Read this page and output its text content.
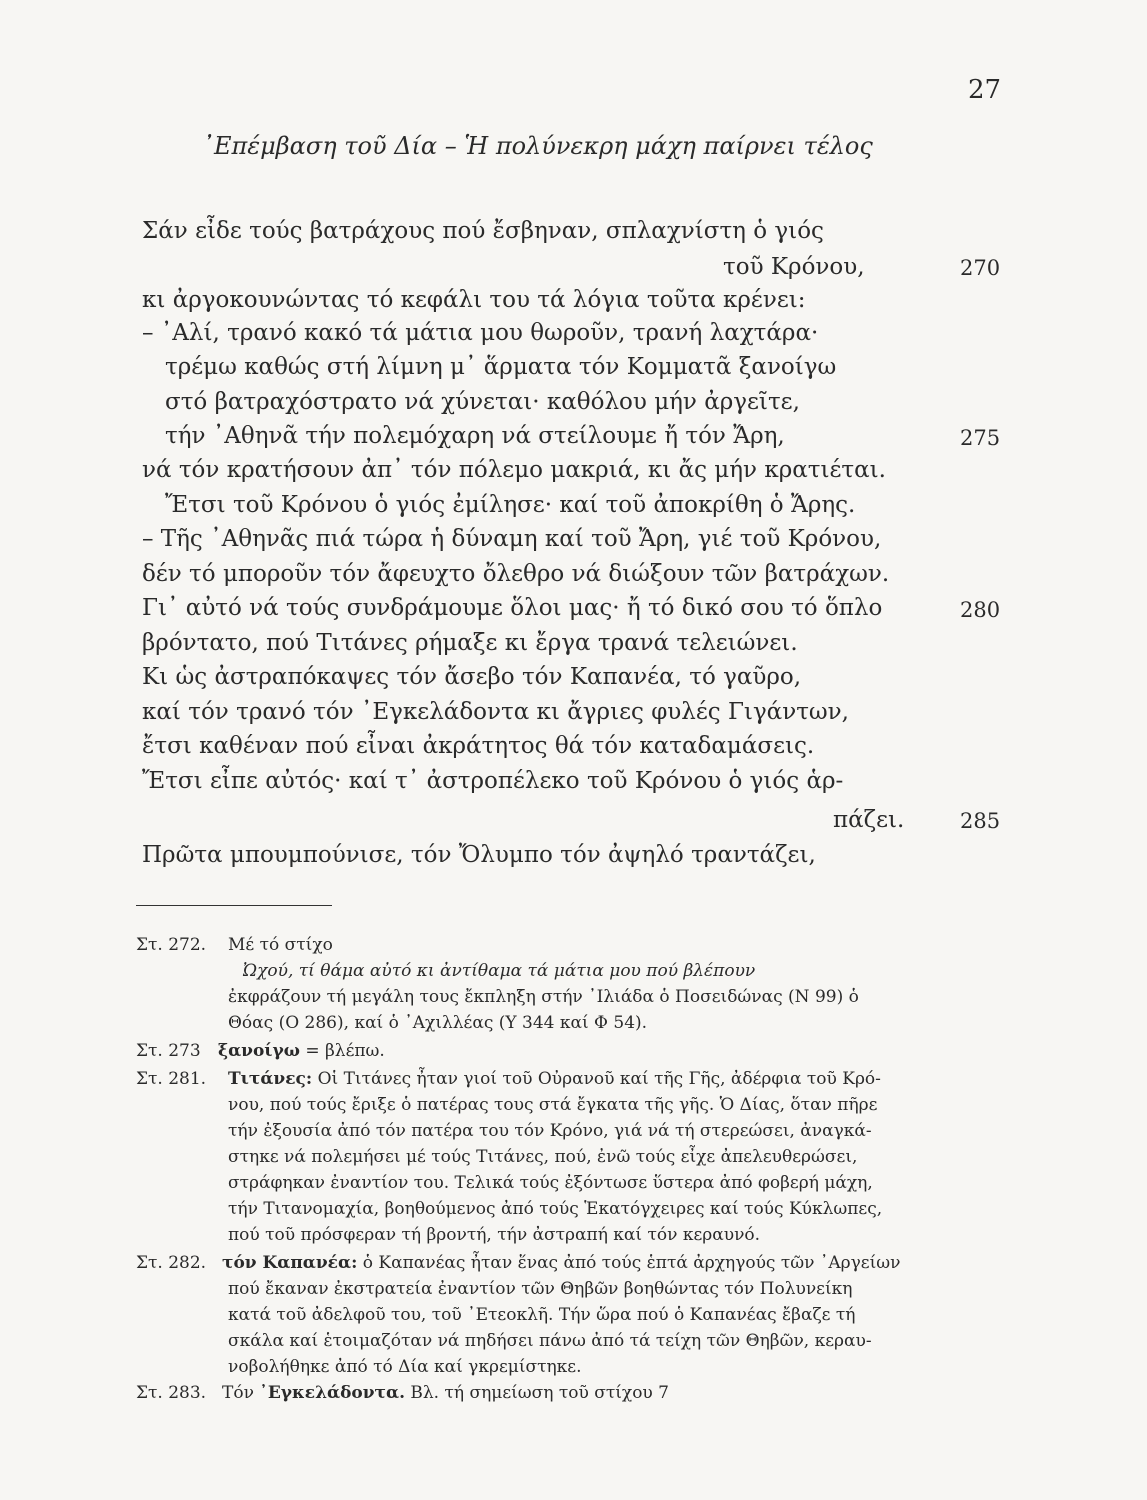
27
᾿Επέμβαση τοῦ Δία – Ἡ πολύνεκρη μάχη παίρνει τέλος
Σάν εἶδε τούς βατράχους πού ἔσβηναν, σπλαχνίστη ὁ γιός
τοῦ Κρόνου,
κι ἀργοκουνώντας τό κεφάλι του τά λόγια τοῦτα κρένει:
– ᾿Αλί, τρανό κακό τά μάτια μου θωροῦν, τρανή λαχτάρα·
τρέμω καθώς στή λίμνη μ᾿ ἅρματα τόν Κομματᾶ ξανοίγω
στό βατραχόστρατο νά χύνεται· καθόλου μήν ἀργεῖτε,
τήν ᾿Αθηνᾶ τήν πολεμόχαρη νά στείλουμε ἤ τόν Ἄρη,
νά τόν κρατήσουν ἀπ᾿ τόν πόλεμο μακριά, κι ἄς μήν κρατιέται.
Ἔτσι τοῦ Κρόνου ὁ γιός ἐμίλησε· καί τοῦ ἀποκρίθη ὁ Ἄρης.
– Τῆς ᾿Αθηνᾶς πιά τώρα ἡ δύναμη καί τοῦ Ἄρη, γιέ τοῦ Κρόνου,
δέν τό μποροῦν τόν ἄφευχτο ὄλεθρο νά διώξουν τῶν βατράχων.
Γι᾿ αὐτό νά τούς συνδράμουμε ὅλοι μας· ἤ τό δικό σου τό ὅπλο
βρόντατο, πού Τιτάνες ρήμαξε κι ἔργα τρανά τελειώνει.
Κι ὡς ἀστραπόκαψες τόν ἄσεβο τόν Καπανέα, τό γαῦρο,
καί τόν τρανό τόν ᾿Εγκελάδοντα κι ἄγριες φυλές Γιγάντων,
ἔτσι καθέναν πού εἶναι ἀκράτητος θά τόν καταδαμάσεις.
Ἔτσι εἶπε αὐτός· καί τ᾿ ἀστροπέλεκο τοῦ Κρόνου ὁ γιός ἁρ-
πάζει.
Πρῶτα μπουμπούνισε, τόν Ὄλυμπο τόν ἀψηλό τραντάζει,
270
275
280
285
Στ. 272. Μέ τό στίχο
Ὠχού, τί θάμα αὐτό κι ἀντίθαμα τά μάτια μου πού βλέπουν
ἐκφράζουν τή μεγάλη τους ἔκπληξη στήν ᾿Ιλιάδα ὁ Ποσειδώνας (Ν 99) ὁ
Θόας (Ο 286), καί ὁ ᾿Αχιλλέας (Υ 344 καί Φ 54).
Στ. 273 ξανοίγω = βλέπω.
Στ. 281. Τιτάνες: Οἱ Τιτάνες ἦταν γιοί τοῦ Οὐρανοῦ καί τῆς Γῆς, ἀδέρφια τοῦ Κρό-
νου, πού τούς ἔριξε ὁ πατέρας τους στά ἔγκατα τῆς γῆς. Ὁ Δίας, ὅταν πῆρε
τήν ἐξουσία ἀπό τόν πατέρα του τόν Κρόνο, γιά νά τή στερεώσει, ἀναγκά-
στηκε νά πολεμήσει μέ τούς Τιτάνες, πού, ἐνῶ τούς εἶχε ἀπελευθερώσει,
στράφηκαν ἐναντίον του. Τελικά τούς ἐξόντωσε ὕστερα ἀπό φοβερή μάχη,
τήν Τιτανομαχία, βοηθούμενος ἀπό τούς Ἑκατόγχειρες καί τούς Κύκλωπες,
πού τοῦ πρόσφεραν τή βροντή, τήν ἀστραπή καί τόν κεραυνό.
Στ. 282. τόν Καπανέα: ὁ Καπανέας ἦταν ἕνας ἀπό τούς ἑπτά ἀρχηγούς τῶν ᾿Αργείων
πού ἔκαναν ἐκστρατεία ἐναντίον τῶν Θηβῶν βοηθώντας τόν Πολυνείκη
κατά τοῦ ἀδελφοῦ του, τοῦ ᾿Ετεοκλῆ. Τήν ὥρα πού ὁ Καπανέας ἔβαζε τή
σκάλα καί ἑτοιμαζόταν νά πηδήσει πάνω ἀπό τά τείχη τῶν Θηβῶν, κεραυ-
νοβολήθηκε ἀπό τό Δία καί γκρεμίστηκε.
Στ. 283. Τόν ᾿Εγκελάδοντα. Βλ. τή σημείωση τοῦ στίχου 7
